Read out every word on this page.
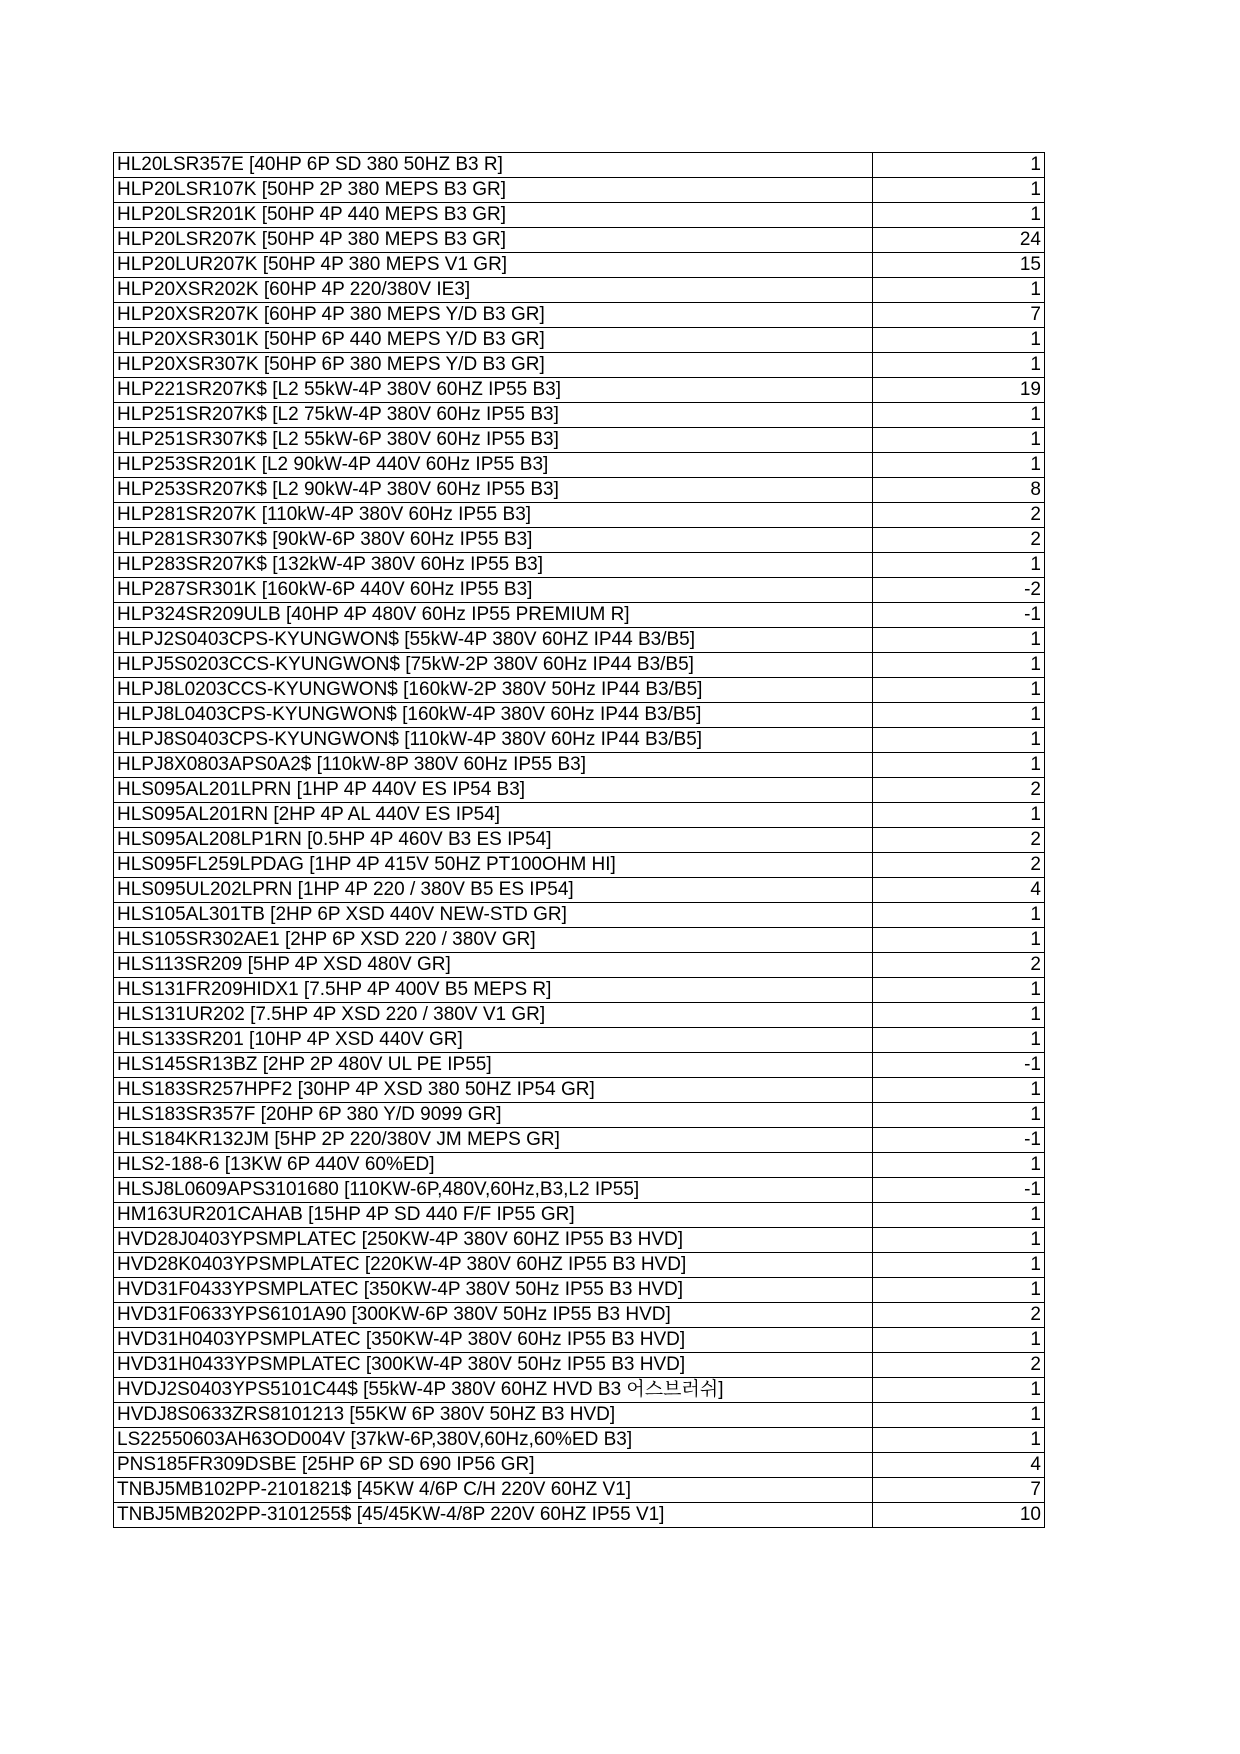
HL20LSR357E [40HP 6P SD 380 50HZ B3 R]	1
HLP20LSR107K [50HP 2P 380 MEPS B3 GR]	1
HLP20LSR201K [50HP 4P 440 MEPS B3 GR]	1
HLP20LSR207K [50HP 4P 380 MEPS B3 GR]	24
HLP20LUR207K [50HP 4P 380 MEPS V1 GR]	15
HLP20XSR202K [60HP 4P 220/380V IE3]	1
HLP20XSR207K [60HP 4P 380 MEPS Y/D B3 GR]	7
HLP20XSR301K [50HP 6P 440 MEPS Y/D B3 GR]	1
HLP20XSR307K [50HP 6P 380 MEPS Y/D B3 GR]	1
HLP221SR207K$ [L2 55kW-4P 380V 60HZ IP55 B3]	19
HLP251SR207K$ [L2 75kW-4P 380V 60Hz IP55 B3]	1
HLP251SR307K$ [L2 55kW-6P 380V 60Hz IP55 B3]	1
HLP253SR201K [L2 90kW-4P 440V 60Hz IP55 B3]	1
HLP253SR207K$ [L2 90kW-4P 380V 60Hz IP55 B3]	8
HLP281SR207K [110kW-4P 380V 60Hz IP55 B3]	2
HLP281SR307K$ [90kW-6P 380V 60Hz IP55 B3]	2
HLP283SR207K$ [132kW-4P 380V 60Hz IP55 B3]	1
HLP287SR301K [160kW-6P 440V 60Hz IP55 B3]	-2
HLP324SR209ULB [40HP 4P 480V 60Hz IP55 PREMIUM R]	-1
HLPJ2S0403CPS-KYUNGWON$ [55kW-4P 380V 60HZ IP44 B3/B5]	1
HLPJ5S0203CCS-KYUNGWON$ [75kW-2P 380V 60Hz IP44 B3/B5]	1
HLPJ8L0203CCS-KYUNGWON$ [160kW-2P 380V 50Hz IP44 B3/B5]	1
HLPJ8L0403CPS-KYUNGWON$ [160kW-4P 380V 60Hz IP44 B3/B5]	1
HLPJ8S0403CPS-KYUNGWON$ [110kW-4P 380V 60Hz IP44 B3/B5]	1
HLPJ8X0803APS0A2$ [110kW-8P 380V 60Hz IP55 B3]	1
HLS095AL201LPRN [1HP 4P 440V ES IP54 B3]	2
HLS095AL201RN [2HP 4P AL 440V ES IP54]	1
HLS095AL208LP1RN [0.5HP 4P 460V B3 ES IP54]	2
HLS095FL259LPDAG [1HP 4P 415V 50HZ PT100OHM HI]	2
HLS095UL202LPRN [1HP 4P 220 / 380V B5 ES IP54]	4
HLS105AL301TB [2HP 6P XSD 440V NEW-STD GR]	1
HLS105SR302AE1 [2HP 6P XSD 220 / 380V GR]	1
HLS113SR209 [5HP 4P XSD 480V GR]	2
HLS131FR209HIDX1 [7.5HP 4P 400V B5 MEPS R]	1
HLS131UR202 [7.5HP 4P XSD 220 / 380V V1 GR]	1
HLS133SR201 [10HP 4P XSD 440V GR]	1
HLS145SR13BZ [2HP 2P 480V UL PE IP55]	-1
HLS183SR257HPF2 [30HP 4P XSD 380 50HZ IP54 GR]	1
HLS183SR357F [20HP 6P 380 Y/D 9099 GR]	1
HLS184KR132JM [5HP 2P 220/380V JM MEPS GR]	-1
HLS2-188-6 [13KW 6P 440V 60%ED]	1
HLSJ8L0609APS3101680 [110KW-6P,480V,60Hz,B3,L2 IP55]	-1
HM163UR201CAHAB [15HP 4P SD 440 F/F IP55 GR]	1
HVD28J0403YPSMPLATEC [250KW-4P 380V 60HZ IP55 B3 HVD]	1
HVD28K0403YPSMPLATEC [220KW-4P 380V 60HZ IP55 B3 HVD]	1
HVD31F0433YPSMPLATEC [350KW-4P 380V 50Hz IP55 B3 HVD]	1
HVD31F0633YPS6101A90 [300KW-6P 380V 50Hz IP55 B3 HVD]	2
HVD31H0403YPSMPLATEC [350KW-4P 380V 60Hz IP55 B3 HVD]	1
HVD31H0433YPSMPLATEC [300KW-4P 380V 50Hz IP55 B3 HVD]	2
HVDJ2S0403YPS5101C44$ [55kW-4P 380V 60HZ HVD B3 어스브러쉬]	1
HVDJ8S0633ZRS8101213 [55KW 6P 380V 50HZ B3 HVD]	1
LS22550603AH63OD004V [37kW-6P,380V,60Hz,60%ED B3]	1
PNS185FR309DSBE [25HP 6P SD 690 IP56 GR]	4
TNBJ5MB102PP-2101821$ [45KW 4/6P C/H 220V 60HZ V1]	7
TNBJ5MB202PP-3101255$ [45/45KW-4/8P 220V 60HZ IP55 V1]	10
